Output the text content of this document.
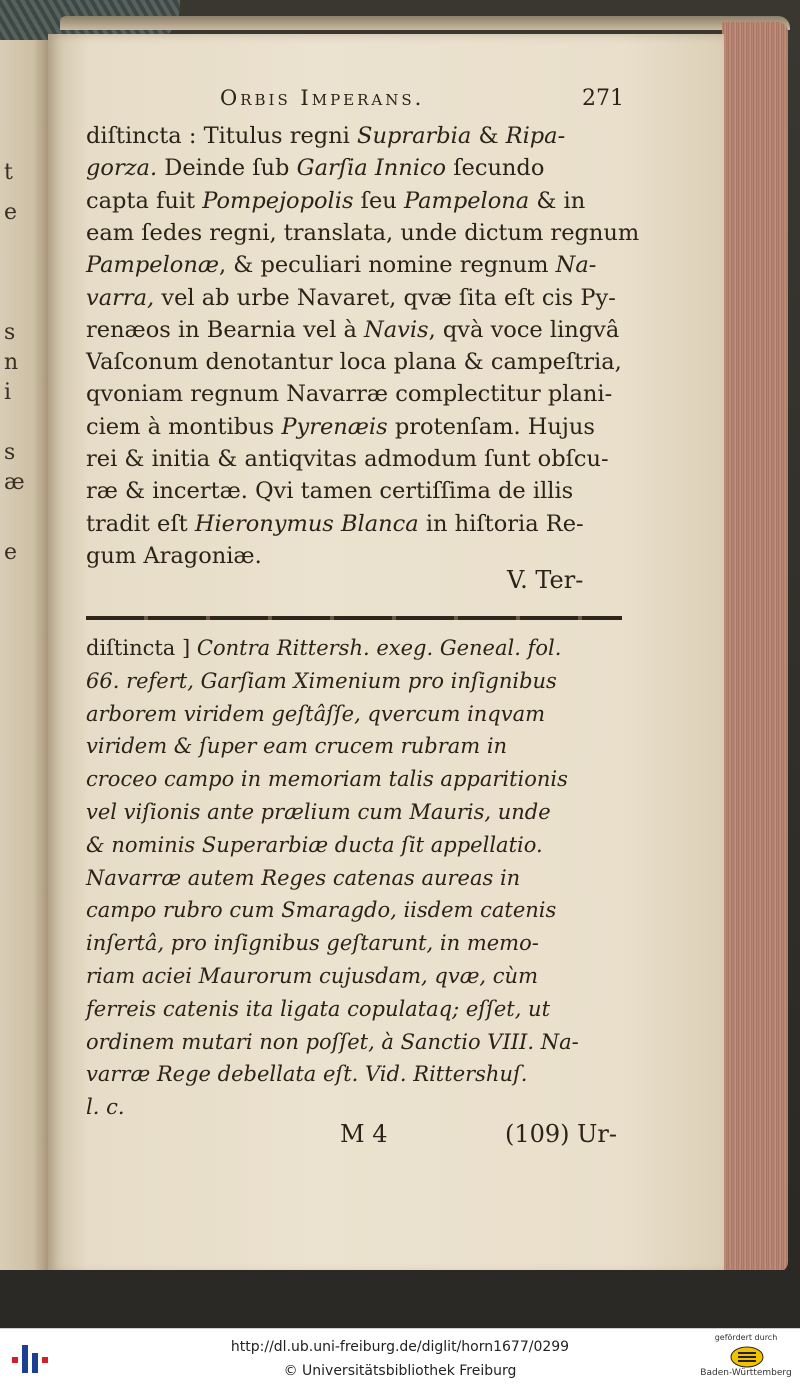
t
e
s
n
i
s
æ
e
Orbis Imperans.	271
diſtincta : Titulus regni Suprarbia & Ripa-
gorza. Deinde ſub Garſia Innico ſecundo
capta fuit Pompejopolis ſeu Pampelona & in
eam ſedes regni, translata, unde dictum regnum
Pampelonæ, & peculiari nomine regnum Na-
varra, vel ab urbe Navaret, qvæ ſita eſt cis Py-
renæos in Bearnia vel à Navis, qvà voce lingvâ
Vaſconum denotantur loca plana & campeſtria,
qvoniam regnum Navarræ complectitur plani-
ciem à montibus Pyrenæis protenſam. Hujus
rei & initia & antiqvitas admodum ſunt obſcu-
ræ & incertæ. Qvi tamen certiſſima de illis
tradit eſt Hieronymus Blanca in hiſtoria Re-
gum Aragoniæ.
V. Ter-
diſtincta ] Contra Rittersh. exeg. Geneal. fol.
66. refert, Garſiam Ximenium pro inſignibus
arborem viridem geſtâſſe, qvercum inqvam
viridem & ſuper eam crucem rubram in
croceo campo in memoriam talis apparitionis
vel viſionis ante prælium cum Mauris, unde
& nominis Superarbiæ ducta ſit appellatio.
Navarræ autem Reges catenas aureas in
campo rubro cum Smaragdo, iisdem catenis
inſertâ, pro inſignibus geſtarunt, in memo-
riam aciei Maurorum cujusdam, qvæ, cùm
ferreis catenis ita ligata copulataq; eſſet, ut
ordinem mutari non poſſet, à Sanctio VIII. Na-
varræ Rege debellata eſt. Vid. Rittershuſ.
l. c.
M 4	(109) Ur-
http://dl.ub.uni-freiburg.de/diglit/horn1677/0299
© Universitätsbibliothek Freiburg
gefördert durch
Baden-Württemberg
